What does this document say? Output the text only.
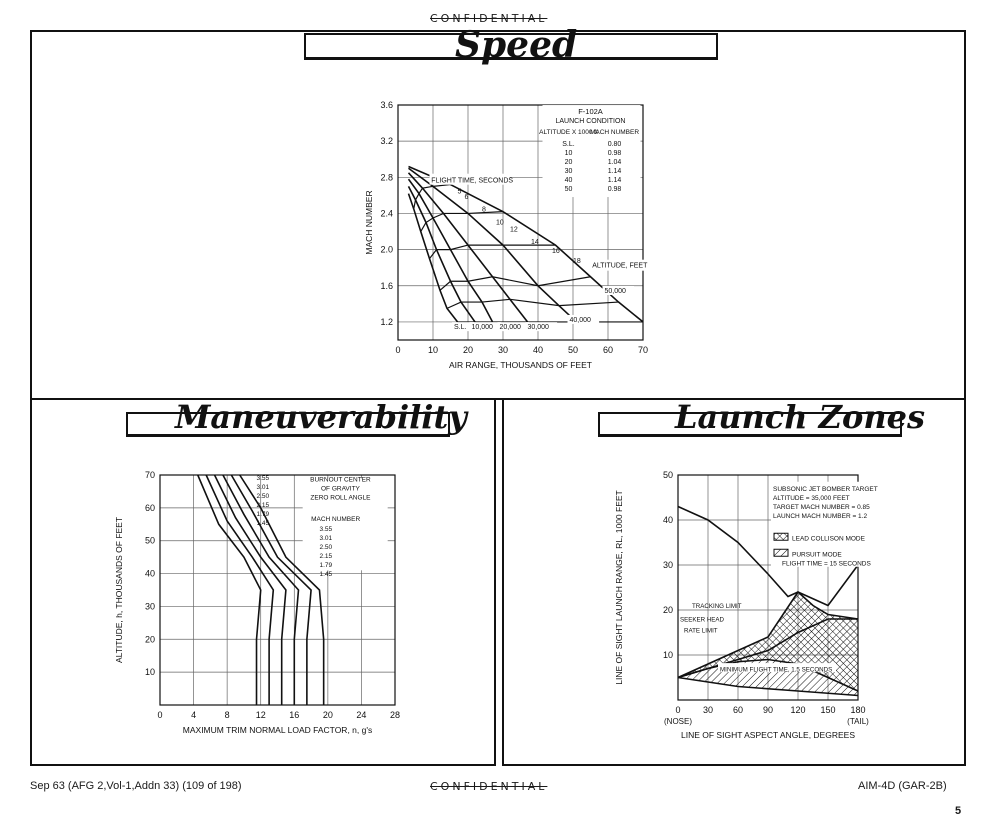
CONFIDENTIAL
Speed
Maneuverability	Launch Zones
0	10	20	30	40	50	60	70
1.2
1.6
2.0
2.4
2.8
3.2
3.6
AIR RANGE, THOUSANDS OF FEET
MACH NUMBER
F-102A
LAUNCH CONDITION
ALTITUDE X 1000 ft
MACH NUMBER
S.L.	0.80
10	0.98
20	1.04
30	1.14
40	1.14
50	0.98
FLIGHT TIME, SECONDS
5
6
8
10
12
14
16
18
ALTITUDE, FEET
S.L. 10,000 20,000 30,000
40,000
50,000
0	4	8	12	16	20	24	28
10
20
30
40
50
60
70
MAXIMUM TRIM NORMAL LOAD FACTOR, n, g's
ALTITUDE, h, THOUSANDS OF FEET
BURNOUT CENTER
OF GRAVITY
ZERO ROLL ANGLE
MACH NUMBER
3.55
3.55
3.01
3.01
2.50
2.50
2.15
2.15
1.79
1.79
1.45
1.45
0 30 60 90 120 150 180
10
20
30
40
50
(NOSE)	(TAIL)
LINE OF SIGHT ASPECT ANGLE, DEGREES
LINE OF SIGHT LAUNCH RANGE, RL, 1000 FEET
SUBSONIC JET BOMBER TARGET
ALTITUDE = 35,000 FEET
TARGET MACH NUMBER = 0.85
LAUNCH MACH NUMBER = 1.2
LEAD COLLISON MODE
PURSUIT MODE
FLIGHT TIME = 15 SECONDS
TRACKING LIMIT
SEEKER HEAD
RATE LIMIT
MINIMUM FLIGHT TIME, 1.5 SECONDS
Sep 63 (AFG 2,Vol-1,Addn 33) (109 of 198)	CONFIDENTIAL	AIM-4D (GAR-2B)
5
